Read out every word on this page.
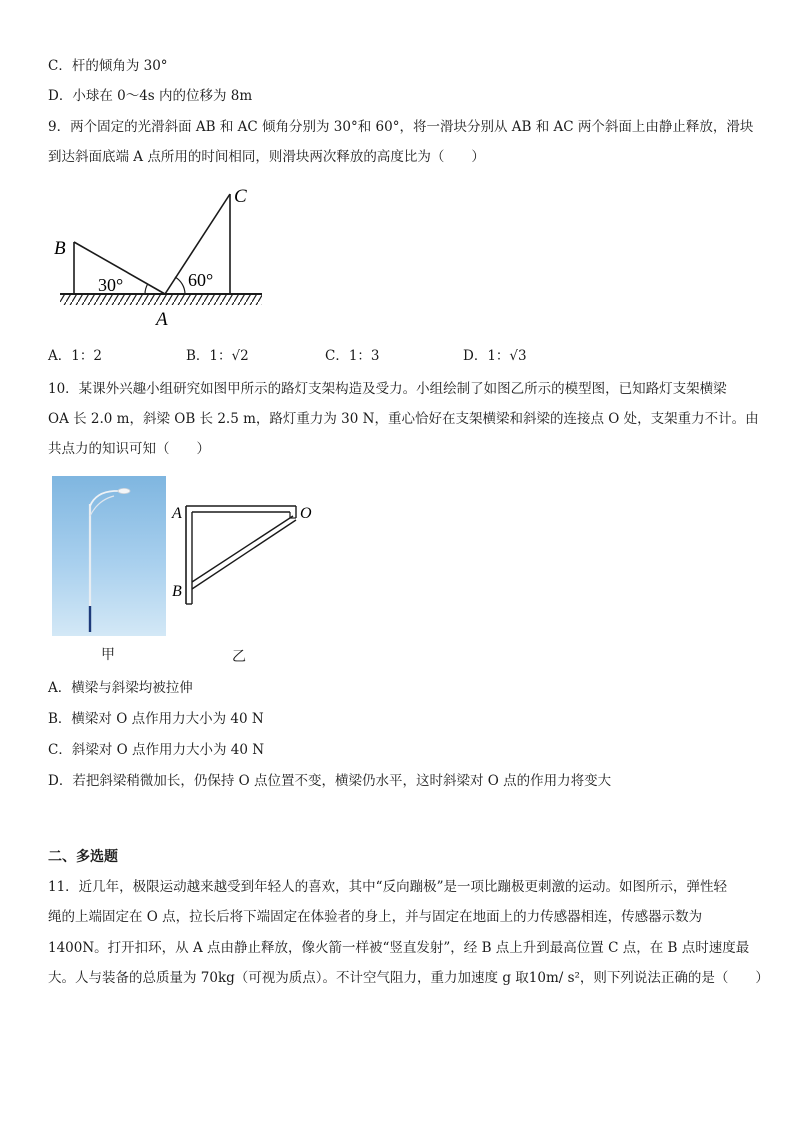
C．杆的倾角为 30°
D．小球在 0～4s 内的位移为 8m
9．两个固定的光滑斜面 AB 和 AC 倾角分别为 30°和 60°，将一滑块分别从 AB 和 AC 两个斜面上由静止释放，滑块
到达斜面底端 A 点所用的时间相同，则滑块两次释放的高度比为（　　）
B
C
A
30°	60°
A．1：2	B．1：√2	C．1：3	D．1：√3
10．某课外兴趣小组研究如图甲所示的路灯支架构造及受力。小组绘制了如图乙所示的模型图，已知路灯支架横梁
OA 长 2.0 m，斜梁 OB 长 2.5 m，路灯重力为 30 N，重心恰好在支架横梁和斜梁的连接点 O 处，支架重力不计。由
共点力的知识可知（　　）
甲
A	O
B
乙
A．横梁与斜梁均被拉伸
B．横梁对 O 点作用力大小为 40 N
C．斜梁对 O 点作用力大小为 40 N
D．若把斜梁稍微加长，仍保持 O 点位置不变，横梁仍水平，这时斜梁对 O 点的作用力将变大
二、多选题
11．近几年，极限运动越来越受到年轻人的喜欢，其中“反向蹦极”是一项比蹦极更刺激的运动。如图所示，弹性轻
绳的上端固定在 O 点，拉长后将下端固定在体验者的身上，并与固定在地面上的力传感器相连，传感器示数为
1400N。打开扣环，从 A 点由静止释放，像火箭一样被“竖直发射”，经 B 点上升到最高位置 C 点，在 B 点时速度最
大。人与装备的总质量为 70kg（可视为质点）。不计空气阻力，重力加速度 g 取10m/ s²，则下列说法正确的是（　　）
